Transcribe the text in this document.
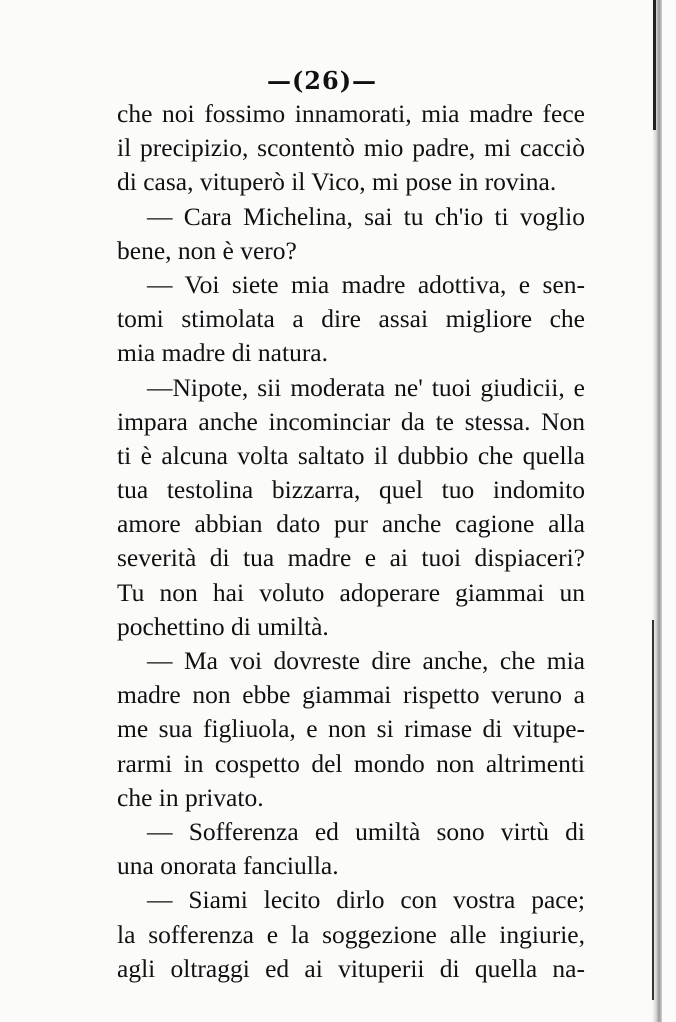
—(26)—
che noi fossimo innamorati, mia madre fece
il precipizio, scontentò mio padre, mi cacciò
di casa, vituperò il Vico, mi pose in rovina.
— Cara Michelina, sai tu ch'io ti voglio
bene, non è vero?
— Voi siete mia madre adottiva, e sen-
tomi stimolata a dire assai migliore che
mia madre di natura.
—Nipote, sii moderata ne' tuoi giudicii, e
impara anche incominciar da te stessa. Non
ti è alcuna volta saltato il dubbio che quella
tua testolina bizzarra, quel tuo indomito
amore abbian dato pur anche cagione alla
severità di tua madre e ai tuoi dispiaceri?
Tu non hai voluto adoperare giammai un
pochettino di umiltà.
— Ma voi dovreste dire anche, che mia
madre non ebbe giammai rispetto veruno a
me sua figliuola, e non si rimase di vitupe-
rarmi in cospetto del mondo non altrimenti
che in privato.
— Sofferenza ed umiltà sono virtù di
una onorata fanciulla.
— Siami lecito dirlo con vostra pace;
la sofferenza e la soggezione alle ingiurie,
agli oltraggi ed ai vituperii di quella na-
